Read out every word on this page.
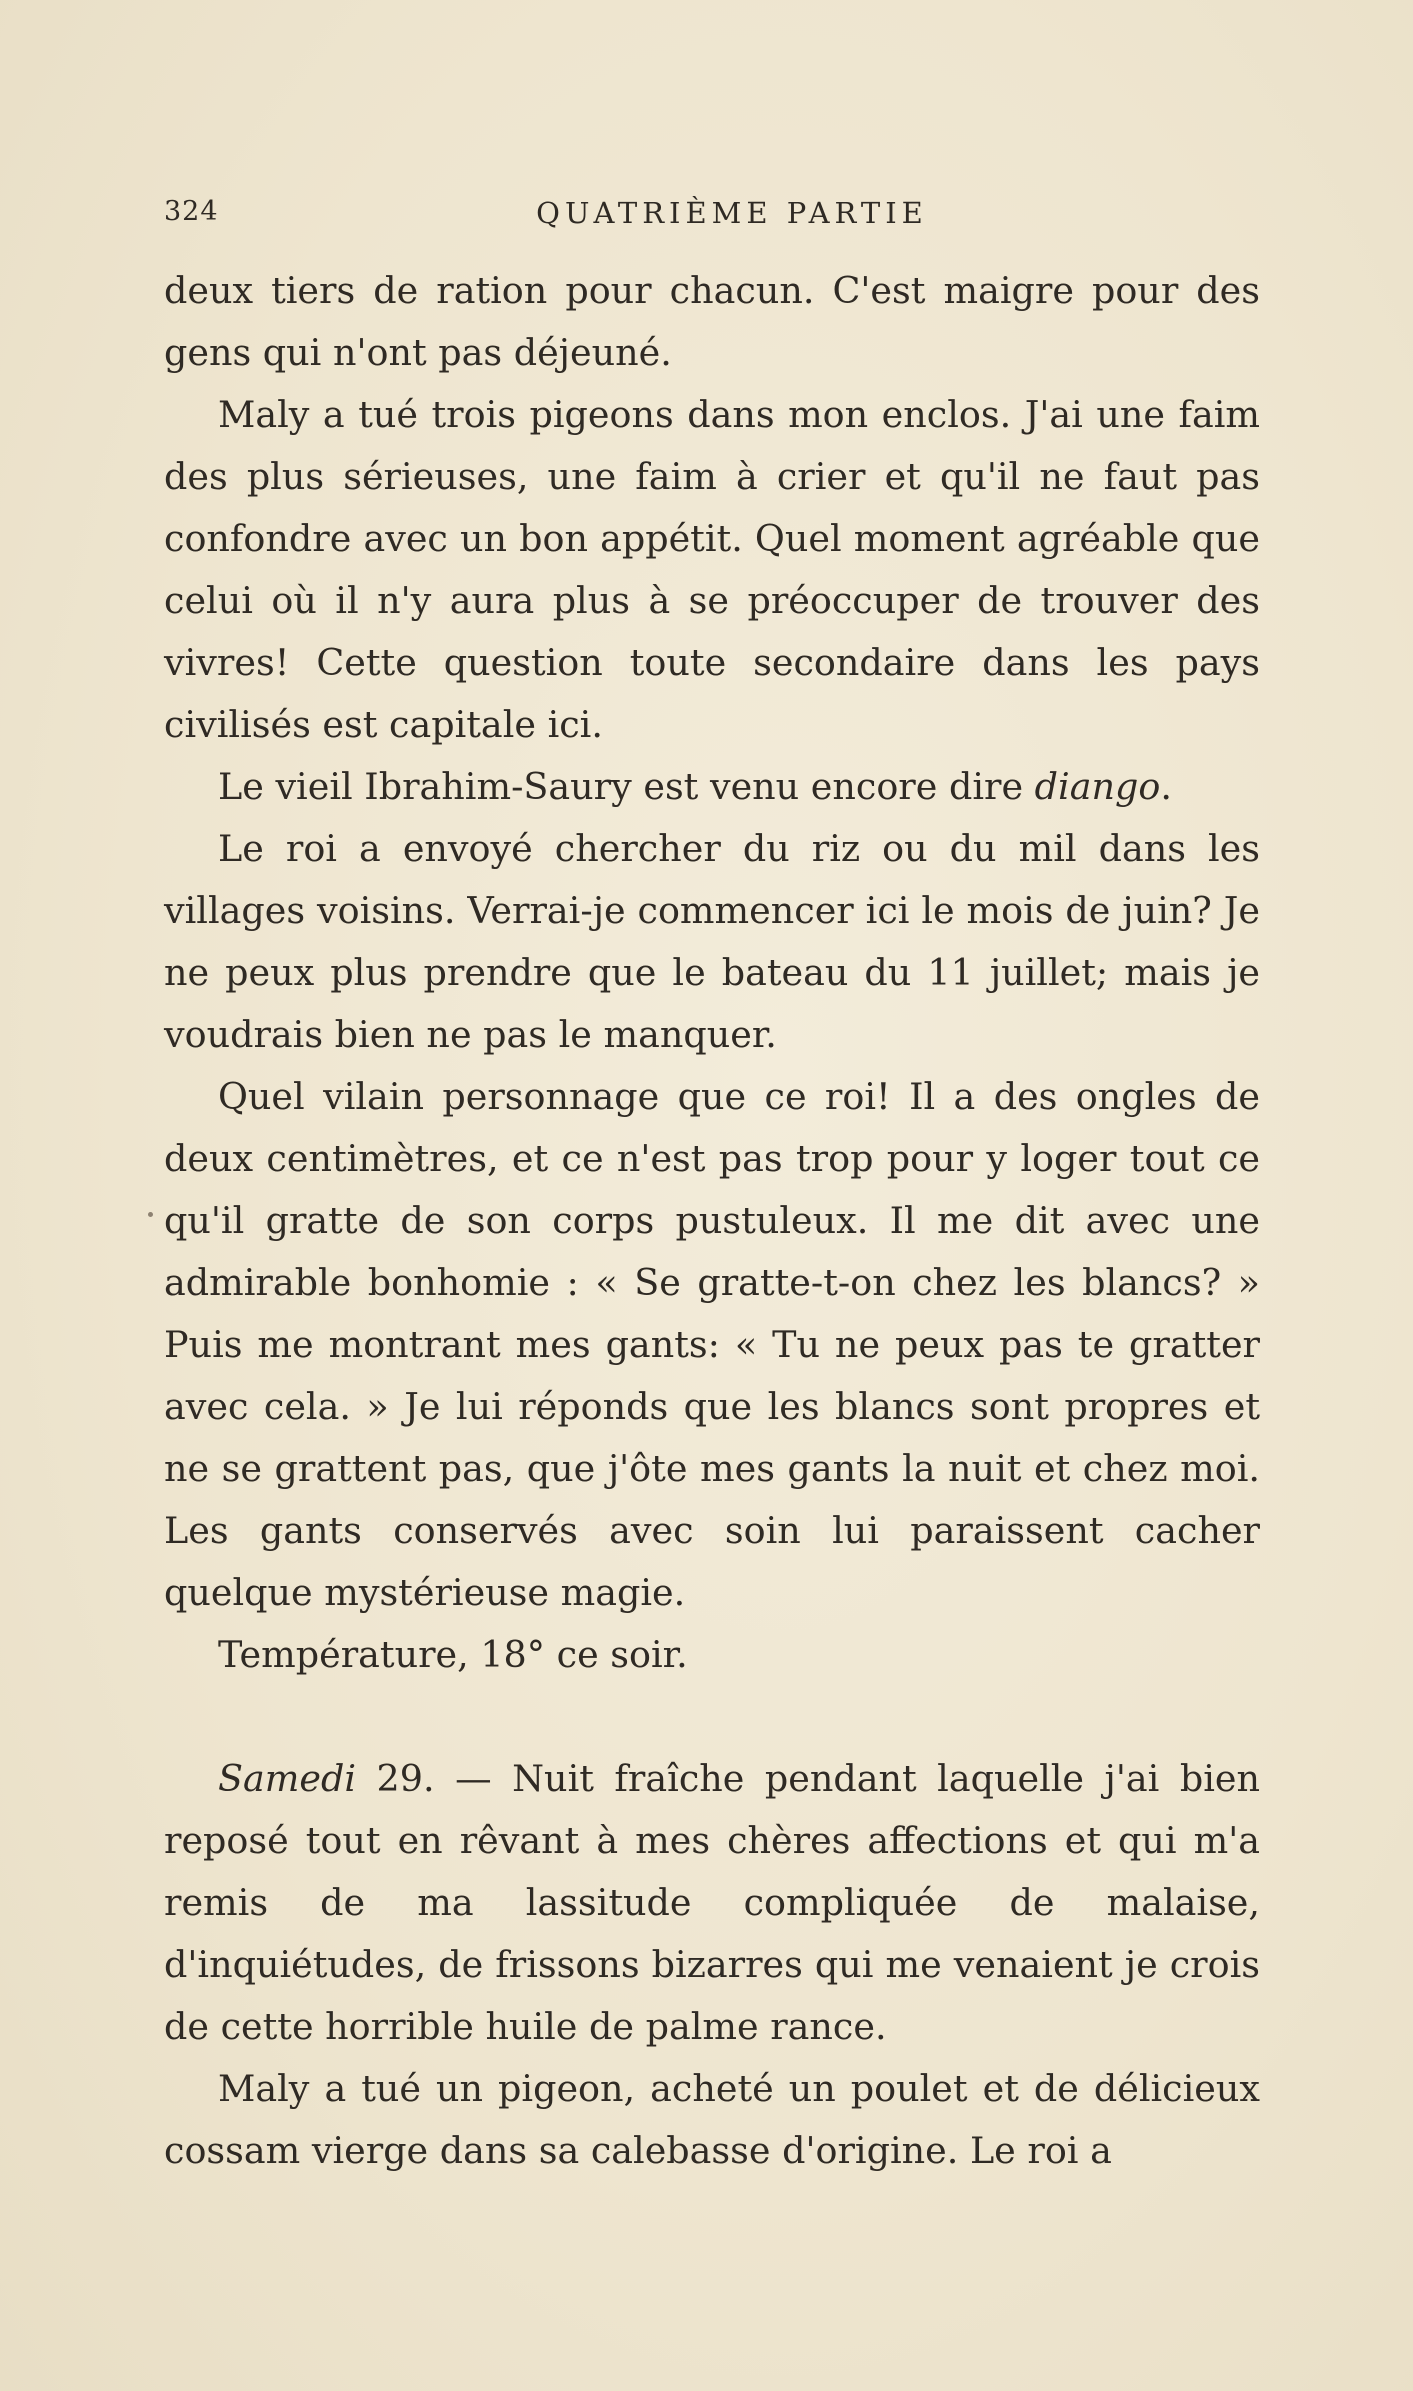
324	QUATRIÈME PARTIE

deux tiers de ration pour chacun. C'est maigre pour des gens qui n'ont pas déjeuné.

Maly a tué trois pigeons dans mon enclos. J'ai une faim des plus sérieuses, une faim à crier et qu'il ne faut pas confondre avec un bon appétit. Quel moment agréable que celui où il n'y aura plus à se préoccuper de trouver des vivres! Cette question toute secondaire dans les pays civilisés est capitale ici.

Le vieil Ibrahim-Saury est venu encore dire diango.

Le roi a envoyé chercher du riz ou du mil dans les villages voisins. Verrai-je commencer ici le mois de juin? Je ne peux plus prendre que le bateau du 11 juillet; mais je voudrais bien ne pas le manquer.

Quel vilain personnage que ce roi! Il a des ongles de deux centimètres, et ce n'est pas trop pour y loger tout ce qu'il gratte de son corps pustuleux. Il me dit avec une admirable bonhomie : « Se gratte-t-on chez les blancs? » Puis me montrant mes gants: « Tu ne peux pas te gratter avec cela. » Je lui réponds que les blancs sont propres et ne se grattent pas, que j'ôte mes gants la nuit et chez moi. Les gants conservés avec soin lui paraissent cacher quelque mystérieuse magie.

Température, 18° ce soir.

Samedi 29. — Nuit fraîche pendant laquelle j'ai bien reposé tout en rêvant à mes chères affections et qui m'a remis de ma lassitude compliquée de malaise, d'inquiétudes, de frissons bizarres qui me venaient je crois de cette horrible huile de palme rance.

Maly a tué un pigeon, acheté un poulet et de délicieux cossam vierge dans sa calebasse d'origine. Le roi a
